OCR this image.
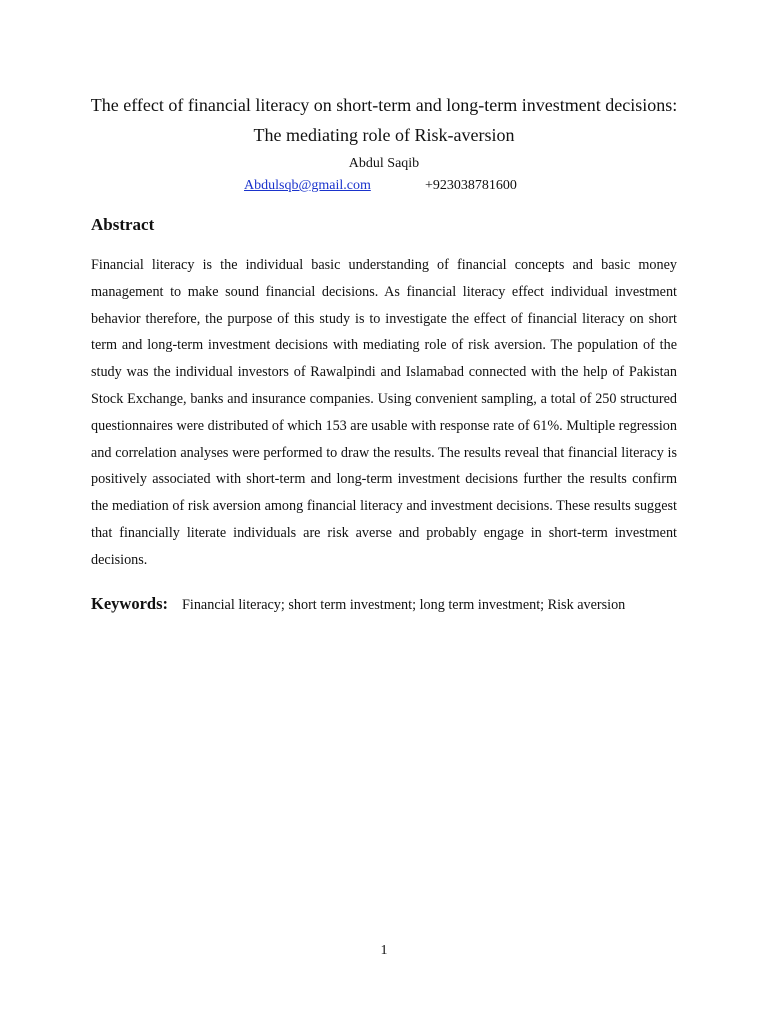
The effect of financial literacy on short-term and long-term investment decisions:
The mediating role of Risk-aversion
Abdul Saqib
Abdulsqb@gmail.com	+923038781600
Abstract
Financial literacy is the individual basic understanding of financial concepts and basic money management to make sound financial decisions. As financial literacy effect individual investment behavior therefore, the purpose of this study is to investigate the effect of financial literacy on short term and long-term investment decisions with mediating role of risk aversion. The population of the study was the individual investors of Rawalpindi and Islamabad connected with the help of Pakistan Stock Exchange, banks and insurance companies. Using convenient sampling, a total of 250 structured questionnaires were distributed of which 153 are usable with response rate of 61%. Multiple regression and correlation analyses were performed to draw the results. The results reveal that financial literacy is positively associated with short-term and long-term investment decisions further the results confirm the mediation of risk aversion among financial literacy and investment decisions. These results suggest that financially literate individuals are risk averse and probably engage in short-term investment decisions.
Keywords: Financial literacy; short term investment; long term investment; Risk aversion
1
